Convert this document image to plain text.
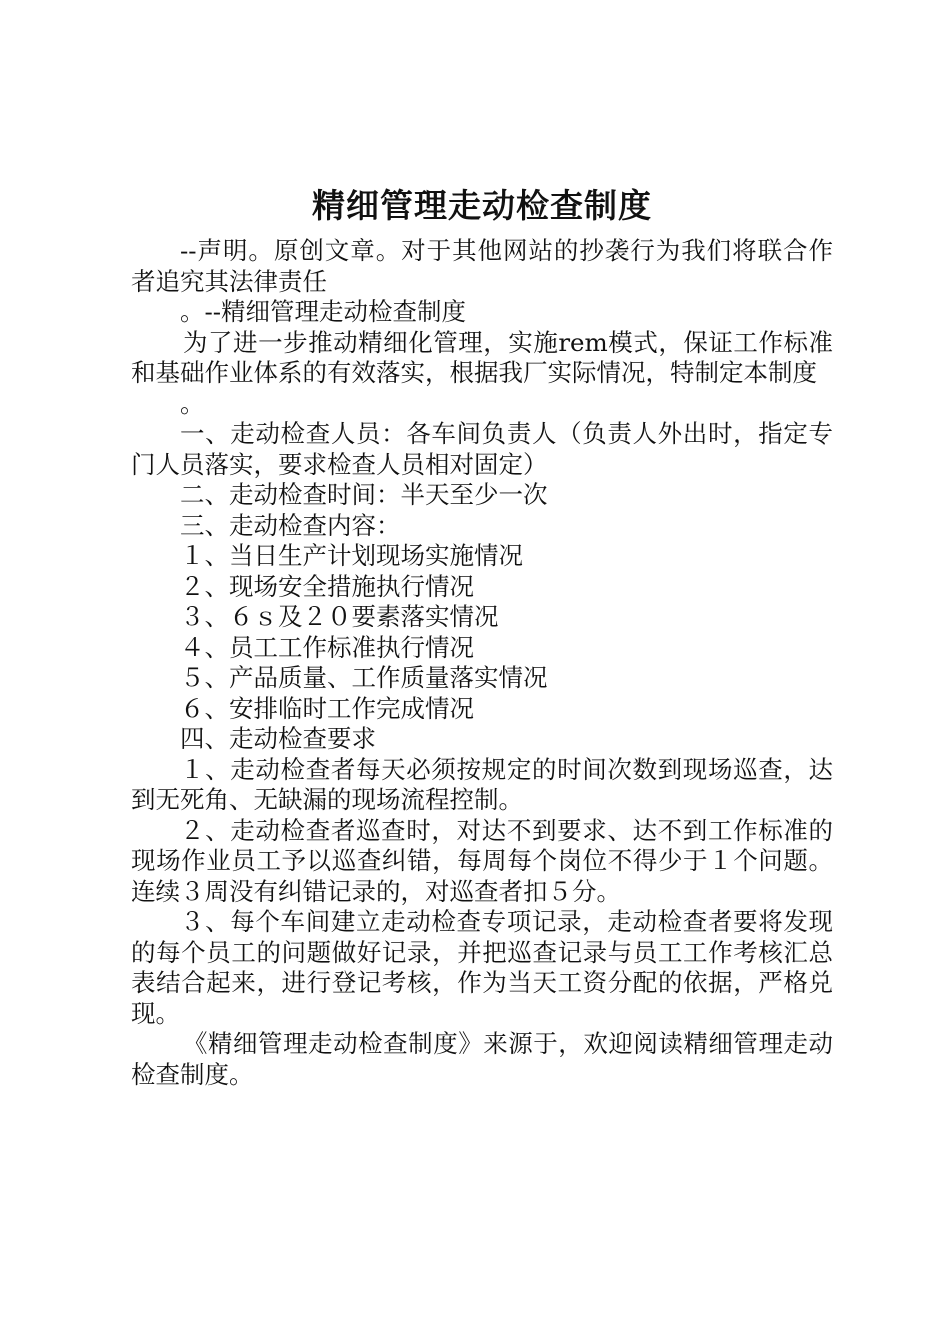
精细管理走动检查制度

--声明。原创文章。对于其他网站的抄袭行为我们将联合作者追究其法律责任

。--精细管理走动检查制度

为了进一步推动精细化管理，实施rem模式，保证工作标准和基础作业体系的有效落实，根据我厂实际情况，特制定本制度

。

一、走动检查人员：各车间负责人（负责人外出时，指定专门人员落实，要求检查人员相对固定）

二、走动检查时间：半天至少一次

三、走动检查内容：

１、当日生产计划现场实施情况

２、现场安全措施执行情况

３、６ｓ及２０要素落实情况

４、员工工作标准执行情况

５、产品质量、工作质量落实情况

６、安排临时工作完成情况

四、走动检查要求

１、走动检查者每天必须按规定的时间次数到现场巡查，达到无死角、无缺漏的现场流程控制。

２、走动检查者巡查时，对达不到要求、达不到工作标准的现场作业员工予以巡查纠错，每周每个岗位不得少于１个问题。连续３周没有纠错记录的，对巡查者扣５分。

３、每个车间建立走动检查专项记录，走动检查者要将发现的每个员工的问题做好记录，并把巡查记录与员工工作考核汇总表结合起来，进行登记考核，作为当天工资分配的依据，严格兑现。

《精细管理走动检查制度》来源于，欢迎阅读精细管理走动检查制度。
